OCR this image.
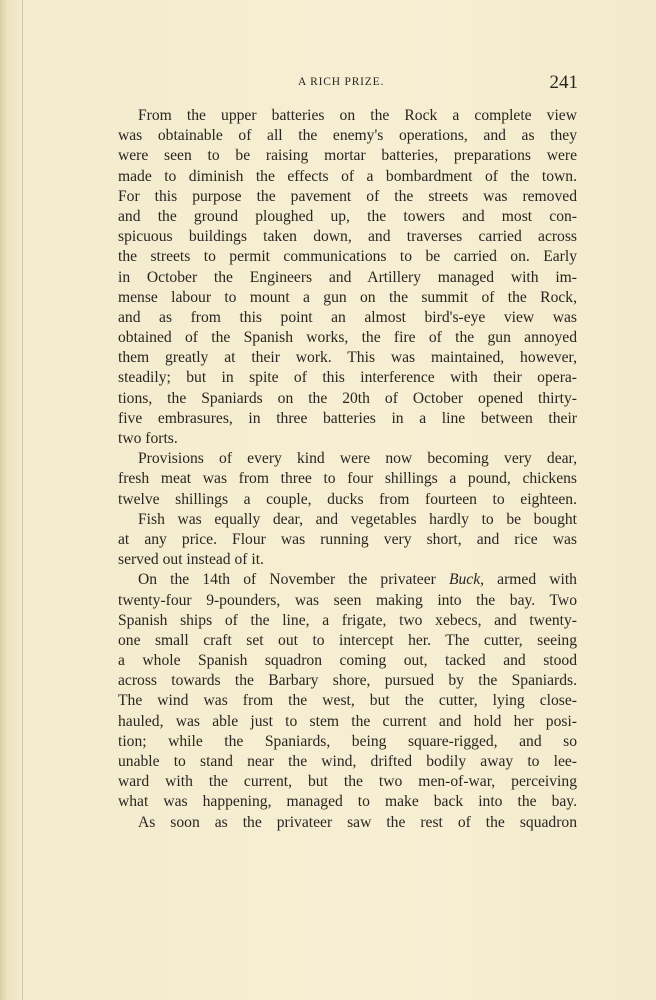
A RICH PRIZE.	241
From the upper batteries on the Rock a complete view
was obtainable of all the enemy's operations, and as they
were seen to be raising mortar batteries, preparations were
made to diminish the effects of a bombardment of the town.
For this purpose the pavement of the streets was removed
and the ground ploughed up, the towers and most con-
spicuous buildings taken down, and traverses carried across
the streets to permit communications to be carried on. Early
in October the Engineers and Artillery managed with im-
mense labour to mount a gun on the summit of the Rock,
and as from this point an almost bird's-eye view was
obtained of the Spanish works, the fire of the gun annoyed
them greatly at their work. This was maintained, however,
steadily; but in spite of this interference with their opera-
tions, the Spaniards on the 20th of October opened thirty-
five embrasures, in three batteries in a line between their
two forts.
Provisions of every kind were now becoming very dear,
fresh meat was from three to four shillings a pound, chickens
twelve shillings a couple, ducks from fourteen to eighteen.
Fish was equally dear, and vegetables hardly to be bought
at any price. Flour was running very short, and rice was
served out instead of it.
On the 14th of November the privateer Buck, armed with
twenty-four 9-pounders, was seen making into the bay. Two
Spanish ships of the line, a frigate, two xebecs, and twenty-
one small craft set out to intercept her. The cutter, seeing
a whole Spanish squadron coming out, tacked and stood
across towards the Barbary shore, pursued by the Spaniards.
The wind was from the west, but the cutter, lying close-
hauled, was able just to stem the current and hold her posi-
tion; while the Spaniards, being square-rigged, and so
unable to stand near the wind, drifted bodily away to lee-
ward with the current, but the two men-of-war, perceiving
what was happening, managed to make back into the bay.
As soon as the privateer saw the rest of the squadron
